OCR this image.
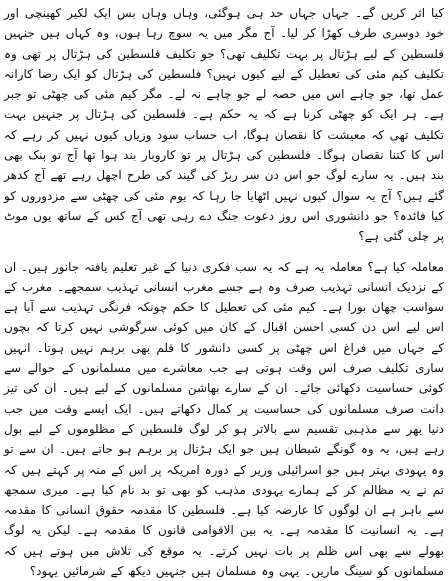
کیا اثر کریں گے۔ جہاں جہاں حد ہی ہوگئی، وہاں وہاں بس ایک لکیر کھینچی اور خود دوسری طرف کھڑا کر لیا۔ آج مگر میں یہ سوچ رہا ہوں، وہ کہاں ہیں جنہیں فلسطین کے لیے ہڑتال پر بہت تکلیف تھی؟ جو تکلیف فلسطین کی ہڑتال پر تھی وہ تکلیف کیم مئی کی تعطیل کے لیے کیوں نہیں؟ فلسطین کی ہڑتال کو ایک رضا کارانہ عمل تھا، جو چاہے اس میں حصہ لے جو چاہے نہ لے۔ مگر کیم مئی کی چھٹی تو جبر ہے۔ ہر ایک کو چھٹی کرنا ہے کہ یہ حکم ہے۔ فلسطین کی ہڑتال پر جنہیں بہت تکلیف تھی کہ معیشت کا نقصان ہوگا، اب حساب سود وزیاں کیوں نہیں کر رہے کہ اس کا کتنا نقصان ہوگا۔ فلسطین کی ہڑتال پر تو کاروبار بند ہوا تھا آج تو بنک بھی بند ہیں۔ یہ سارے لوگ جو اس دن سر ربڑ کی گیند کی طرح اچھل رہے تھے آج کدھر گئے ہیں؟ آج یہ سوال کیوں نہیں اٹھایا جا رہا کہ یوم مئی کی چھٹی سے مزدوروں کو کیا فائدہ؟ جو دانشوری اس روز دعوت جنگ دے رہی تھی آج کس کے ساتھ یوں موٹ پر چلی گئی ہے؟

معاملہ کیا ہے؟ معاملہ یہ ہے کہ یہ سب فکری دنیا کے غیر تعلیم یافتہ جانور ہیں۔ ان کے نزدیک انسانی تہذیب صرف وہ ہے جسے مغرب انسانی تہذیب سمجھے۔ مغرب کے سواسب چھان بورا ہے۔ کیم مئی کی تعطیل کا حکم چونکہ فرنگی تہذیب سے آیا ہے اس لیے اس دن کسی احسن اقبال کے کان میں کوئی سرگوشی نہیں کرتا کہ بچوں کے جہاں میں فراغ اس چھٹی پر کسی دانشور کا قلم بھی برہم نہیں ہوتا۔ انہیں ساری تکلیف صرف اس وقت ہوتی ہے جب معاشرے میں مسلمانوں کے حوالے سے کوئی حساسیت دکھائی جائے۔ ان کے سارے بھاشن مسلمانوں کے لیے ہیں۔ ان کی تیز دانت صرف مسلمانوں کی حساسیت پر کمال دکھاتے ہیں۔ ایک ایسے وقت میں جب دنیا بھر سے مذہبی تقسیم سے بالاتر ہو کر لوگ فلسطین کے مظلوموں کے لیے بول رہے ہیں، یہ وہ گونگے شیطان ہیں جو ایک ہڑتال پر برہم ہو جاتے ہیں۔ ان سے تو وہ یہودی بہتر ہیں جو اسرائیلی وزیر کے دورہ امریکہ پر اس کے منہ پر کہتے ہیں کہ تم نے یہ مظالم کر کے ہمارے یہودی مذہب کو بھی تو بد نام کیا ہے۔ میری سمجھ سے باہر ہے ان لوگوں کا عارضہ کیا ہے۔ فلسطین کا مقدمہ حقوق انسانی کا مقدمہ ہے۔ یہ انسانیت کا مقدمہ ہے۔ یہ بین الاقوامی قانون کا مقدمہ ہے۔ لیکن یہ لوگ بھولے سے بھی اس ظلم پر بات نہیں کرتے۔ یہ موقع کی تلاش میں ہوتے ہیں کہ مسلمانوں کو سینگ ماریں۔ یہی وہ مسلمان ہیں جنہیں دیکھ کے شرمائیں یہود؟
